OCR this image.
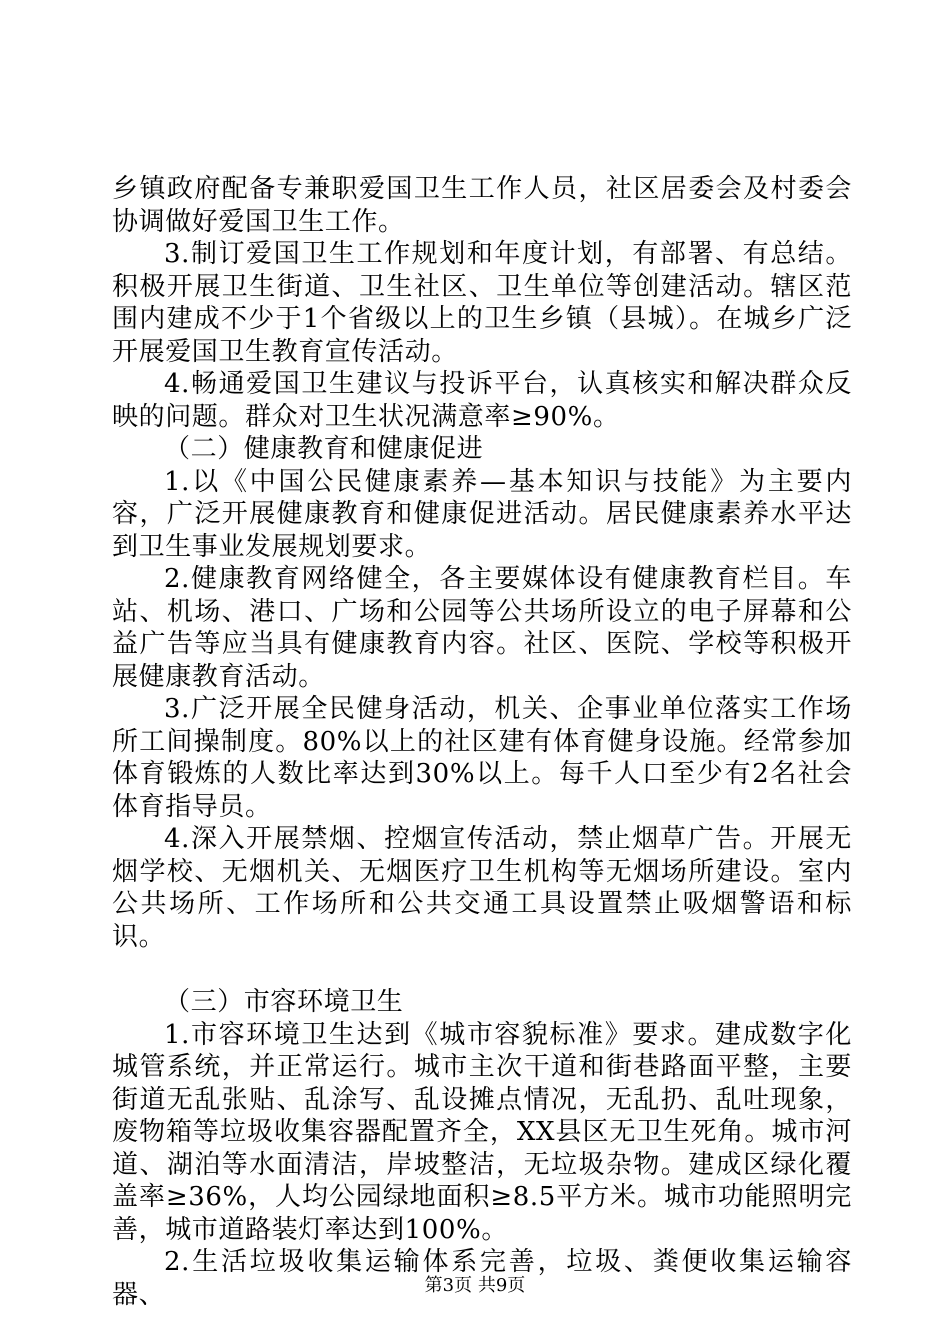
乡镇政府配备专兼职爱国卫生工作人员，社区居委会及村委会协调做好爱国卫生工作。

3.制订爱国卫生工作规划和年度计划，有部署、有总结。积极开展卫生街道、卫生社区、卫生单位等创建活动。辖区范围内建成不少于1个省级以上的卫生乡镇（县城）。在城乡广泛开展爱国卫生教育宣传活动。

4.畅通爱国卫生建议与投诉平台，认真核实和解决群众反映的问题。群众对卫生状况满意率≥90%。

（二）健康教育和健康促进

1.以《中国公民健康素养—基本知识与技能》为主要内容，广泛开展健康教育和健康促进活动。居民健康素养水平达到卫生事业发展规划要求。

2.健康教育网络健全，各主要媒体设有健康教育栏目。车站、机场、港口、广场和公园等公共场所设立的电子屏幕和公益广告等应当具有健康教育内容。社区、医院、学校等积极开展健康教育活动。

3.广泛开展全民健身活动，机关、企事业单位落实工作场所工间操制度。80%以上的社区建有体育健身设施。经常参加体育锻炼的人数比率达到30%以上。每千人口至少有2名社会体育指导员。

4.深入开展禁烟、控烟宣传活动，禁止烟草广告。开展无烟学校、无烟机关、无烟医疗卫生机构等无烟场所建设。室内公共场所、工作场所和公共交通工具设置禁止吸烟警语和标识。

（三）市容环境卫生

1.市容环境卫生达到《城市容貌标准》要求。建成数字化城管系统，并正常运行。城市主次干道和街巷路面平整，主要街道无乱张贴、乱涂写、乱设摊点情况，无乱扔、乱吐现象，废物箱等垃圾收集容器配置齐全，XX县区无卫生死角。城市河道、湖泊等水面清洁，岸坡整洁，无垃圾杂物。建成区绿化覆盖率≥36%，人均公园绿地面积≥8.5平方米。城市功能照明完善，城市道路装灯率达到100%。

2.生活垃圾收集运输体系完善，垃圾、粪便收集运输容器、	第3页 共9页
